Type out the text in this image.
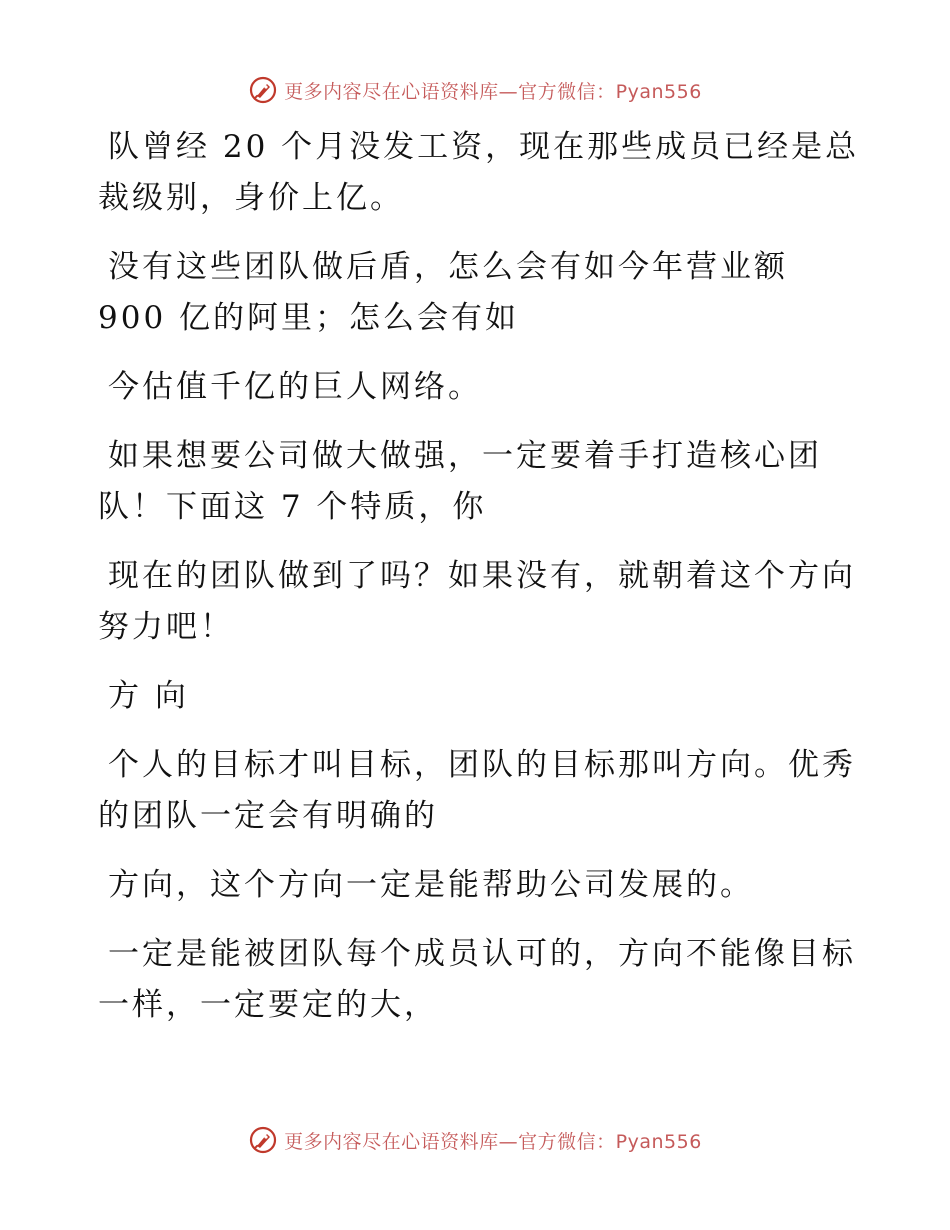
更多内容尽在心语资料库—官方微信：Pyan556

队曾经 20 个月没发工资，现在那些成员已经是总裁级别，身价上亿。

没有这些团队做后盾，怎么会有如今年营业额 900 亿的阿里；怎么会有如

今估值千亿的巨人网络。

如果想要公司做大做强，一定要着手打造核心团队！下面这 7 个特质，你

现在的团队做到了吗？如果没有，就朝着这个方向努力吧！

方 向

个人的目标才叫目标，团队的目标那叫方向。优秀的团队一定会有明确的

方向，这个方向一定是能帮助公司发展的。

一定是能被团队每个成员认可的，方向不能像目标一样，一定要定的大，

更多内容尽在心语资料库—官方微信：Pyan556
